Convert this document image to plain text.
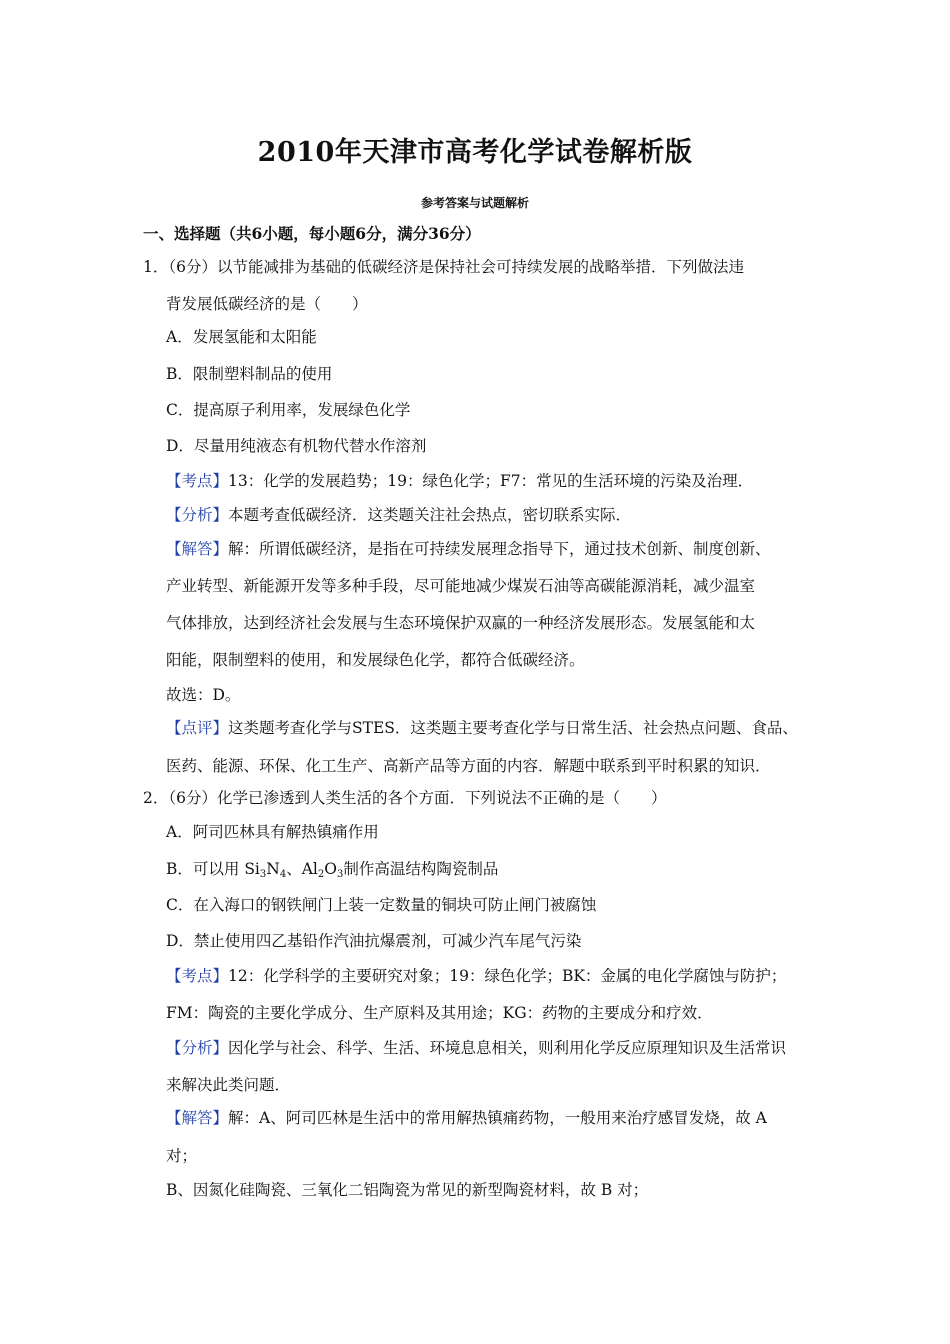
2010年天津市高考化学试卷解析版
参考答案与试题解析
一、选择题（共6小题，每小题6分，满分36分）
1．（6分）以节能减排为基础的低碳经济是保持社会可持续发展的战略举措．下列做法违
背发展低碳经济的是（　　）
A．发展氢能和太阳能
B．限制塑料制品的使用
C．提高原子利用率，发展绿色化学
D．尽量用纯液态有机物代替水作溶剂
【考点】13：化学的发展趋势；19：绿色化学；F7：常见的生活环境的污染及治理．
【分析】本题考查低碳经济．这类题关注社会热点，密切联系实际．
【解答】解：所谓低碳经济，是指在可持续发展理念指导下，通过技术创新、制度创新、
产业转型、新能源开发等多种手段，尽可能地减少煤炭石油等高碳能源消耗，减少温室
气体排放，达到经济社会发展与生态环境保护双赢的一种经济发展形态。发展氢能和太
阳能，限制塑料的使用，和发展绿色化学，都符合低碳经济。
故选：D。
【点评】这类题考查化学与STES．这类题主要考查化学与日常生活、社会热点问题、食品、
医药、能源、环保、化工生产、高新产品等方面的内容．解题中联系到平时积累的知识．
2．（6分）化学已渗透到人类生活的各个方面．下列说法不正确的是（　　）
A．阿司匹林具有解热镇痛作用
B．可以用 $Si_3N_4$、$Al_2O_3$制作高温结构陶瓷制品
C．在入海口的钢铁闸门上装一定数量的铜块可防止闸门被腐蚀
D．禁止使用四乙基铅作汽油抗爆震剂，可减少汽车尾气污染
【考点】12：化学科学的主要研究对象；19：绿色化学；BK：金属的电化学腐蚀与防护；
FM：陶瓷的主要化学成分、生产原料及其用途；KG：药物的主要成分和疗效．
【分析】因化学与社会、科学、生活、环境息息相关，则利用化学反应原理知识及生活常识
来解决此类问题．
【解答】解：A、阿司匹林是生活中的常用解热镇痛药物，一般用来治疗感冒发烧，故 A
对；
B、因氮化硅陶瓷、三氧化二铝陶瓷为常见的新型陶瓷材料，故 B 对；
